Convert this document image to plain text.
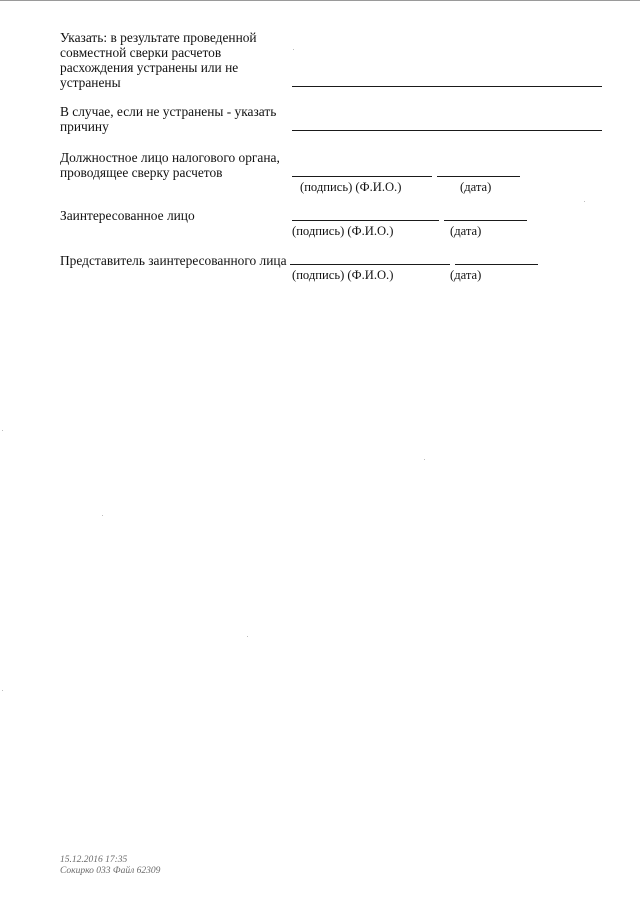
Указать: в результате проведенной
совместной сверки расчетов
расхождения устранены или не
устранены
В случае, если не устранены - указать
причину
Должностное лицо налогового органа,
проводящее сверку расчетов
(подпись) (Ф.И.О.)	(дата)
Заинтересованное лицо
(подпись) (Ф.И.О.)	(дата)
Представитель заинтересованного лица
(подпись) (Ф.И.О.)	(дата)
15.12.2016 17:35
Сокирко 033 Файл 62309
